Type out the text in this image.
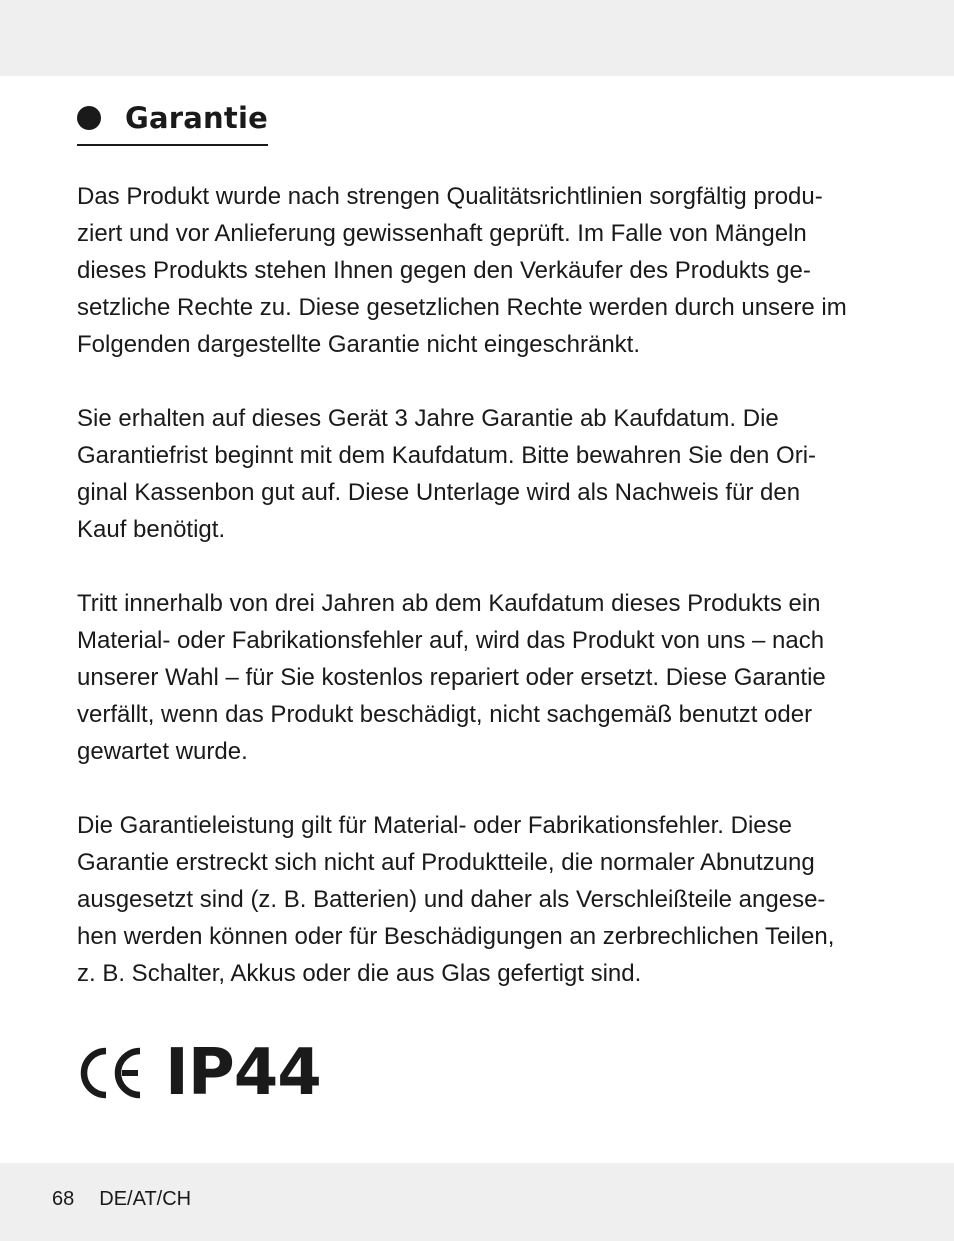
Garantie

Das Produkt wurde nach strengen Qualitätsrichtlinien sorgfältig produ-
ziert und vor Anlieferung gewissenhaft geprüft. Im Falle von Mängeln
dieses Produkts stehen Ihnen gegen den Verkäufer des Produkts ge-
setzliche Rechte zu. Diese gesetzlichen Rechte werden durch unsere im
Folgenden dargestellte Garantie nicht eingeschränkt.

Sie erhalten auf dieses Gerät 3 Jahre Garantie ab Kaufdatum. Die
Garantiefrist beginnt mit dem Kaufdatum. Bitte bewahren Sie den Ori-
ginal Kassenbon gut auf. Diese Unterlage wird als Nachweis für den
Kauf benötigt.

Tritt innerhalb von drei Jahren ab dem Kaufdatum dieses Produkts ein
Material- oder Fabrikationsfehler auf, wird das Produkt von uns – nach
unserer Wahl – für Sie kostenlos repariert oder ersetzt. Diese Garantie
verfällt, wenn das Produkt beschädigt, nicht sachgemäß benutzt oder
gewartet wurde.

Die Garantieleistung gilt für Material- oder Fabrikationsfehler. Diese
Garantie erstreckt sich nicht auf Produktteile, die normaler Abnutzung
ausgesetzt sind (z. B. Batterien) und daher als Verschleißteile angese-
hen werden können oder für Beschädigungen an zerbrechlichen Teilen,
z. B. Schalter, Akkus oder die aus Glas gefertigt sind.

IP44
68 DE/AT/CH
